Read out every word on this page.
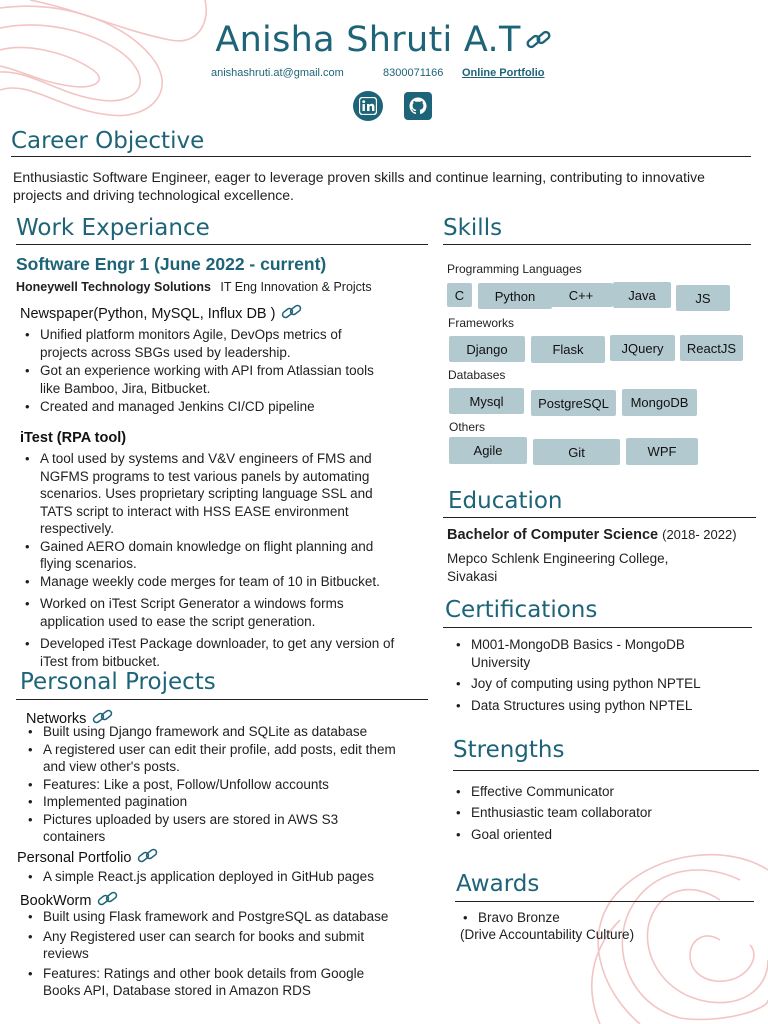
Anisha Shruti A.T
anishashruti.at@gmail.com	8300071166 Online Portfolio
Career Objective
Enthusiastic Software Engineer, eager to leverage proven skills and continue learning, contributing to innovative projects and driving technological excellence.
Work Experiance
Software Engr 1 (June 2022 - current)
Honeywell Technology Solutions IT Eng Innovation & Projcts
Newspaper(Python, MySQL, Influx DB )
• Unified platform monitors Agile, DevOps metrics of projects across SBGs used by leadership.
• Got an experience working with API from Atlassian tools like Bamboo, Jira, Bitbucket.
• Created and managed Jenkins CI/CD pipeline
iTest (RPA tool)
• A tool used by systems and V&V engineers of FMS and NGFMS programs to test various panels by automating scenarios. Uses proprietary scripting language SSL and TATS script to interact with HSS EASE environment respectively.
• Gained AERO domain knowledge on flight planning and flying scenarios.
• Manage weekly code merges for team of 10 in Bitbucket.
• Worked on iTest Script Generator a windows forms application used to ease the script generation.
• Developed iTest Package downloader, to get any version of iTest from bitbucket.
Personal Projects
Networks
• Built using Django framework and SQLite as database
• A registered user can edit their profile, add posts, edit them and view other's posts.
• Features: Like a post, Follow/Unfollow accounts
• Implemented pagination
• Pictures uploaded by users are stored in AWS S3 containers
Personal Portfolio
• A simple React.js application deployed in GitHub pages
BookWorm
• Built using Flask framework and PostgreSQL as database
• Any Registered user can search for books and submit reviews
• Features: Ratings and other book details from Google Books API, Database stored in Amazon RDS
Skills
Programming Languages
C	Python	C++	Java	JS
Frameworks
Django	Flask	JQuery	ReactJS
Databases
Mysql	PostgreSQL	MongoDB
Others
Agile	Git	WPF
Education
Bachelor of Computer Science (2018- 2022)
Mepco Schlenk Engineering College, Sivakasi
Certifications
• M001-MongoDB Basics - MongoDB University
• Joy of computing using python NPTEL
• Data Structures using python NPTEL
Strengths
• Effective Communicator
• Enthusiastic team collaborator
• Goal oriented
Awards
• Bravo Bronze
(Drive Accountability Culture)
